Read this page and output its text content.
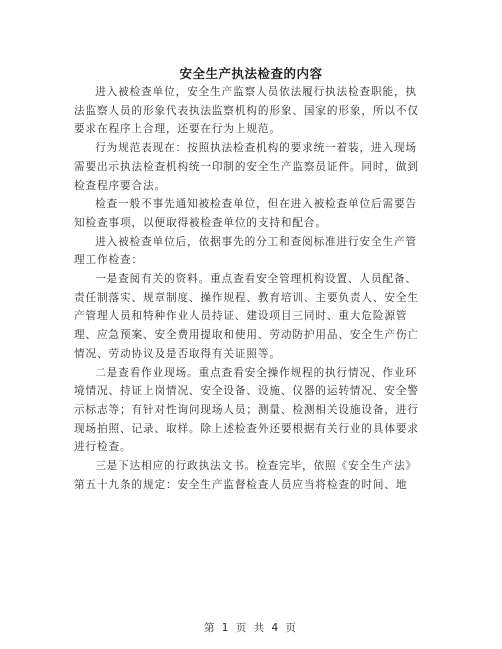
安全生产执法检查的内容

进入被检查单位，安全生产监察人员依法履行执法检查职能，执
法监察人员的形象代表执法监察机构的形象、国家的形象，所以不仅
要求在程序上合理，还要在行为上规范。

行为规范表现在：按照执法检查机构的要求统一着装，进入现场
需要出示执法检查机构统一印制的安全生产监察员证件。同时，做到
检查程序要合法。

检查一般不事先通知被检查单位，但在进入被检查单位后需要告
知检查事项，以便取得被检查单位的支持和配合。

进入被检查单位后，依据事先的分工和查阅标准进行安全生产管
理工作检查：

一是查阅有关的资料。重点查看安全管理机构设置、人员配备、
责任制落实、规章制度、操作规程、教育培训、主要负责人、安全生
产管理人员和特种作业人员持证、建设项目三同时、重大危险源管
理、应急预案、安全费用提取和使用、劳动防护用品、安全生产伤亡
情况、劳动协议及是否取得有关证照等。

二是查看作业现场。重点查看安全操作规程的执行情况、作业环
境情况、持证上岗情况、安全设备、设施、仪器的运转情况、安全警
示标志等；有针对性询问现场人员；测量、检测相关设施设备，进行
现场拍照、记录、取样。除上述检查外还要根据有关行业的具体要求
进行检查。

三是下达相应的行政执法文书。检查完毕，依照《安全生产法》
第五十九条的规定：安全生产监督检查人员应当将检查的时间、地

第 1 页 共 4 页
